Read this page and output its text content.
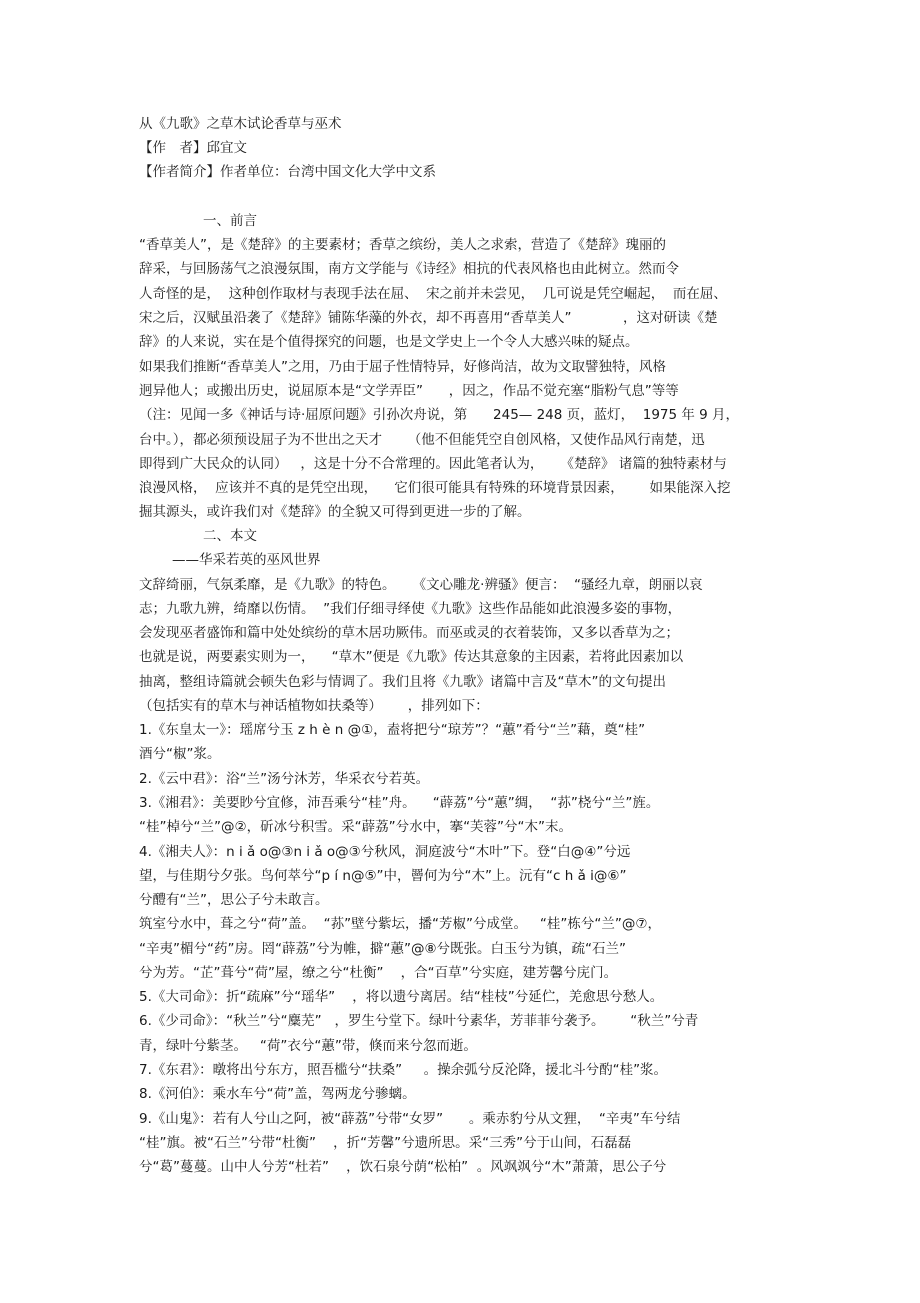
从《九歌》之草木试论香草与巫术
【作　者】邱宜文
【作者简介】作者单位：台湾中国文化大学中文系
一、前言
“香草美人”，是《楚辞》的主要素材；香草之缤纷，美人之求索，营造了《楚辞》瑰丽的
辞采，与回肠荡气之浪漫氛围，南方文学能与《诗经》相抗的代表风格也由此树立。然而令
人奇怪的是，  这种创作取材与表现手法在屈、  宋之前并未尝见，  几可说是凭空崛起，  而在屈、
宋之后，汉赋虽沿袭了《楚辞》铺陈华藻的外衣，却不再喜用“香草美人”            ，这对研读《楚
辞》的人来说，实在是个值得探究的问题，也是文学史上一个令人大感兴味的疑点。
如果我们推断“香草美人”之用，乃由于屈子性情特异，好修尚洁，故为文取譬独特，风格
迥异他人；或搬出历史，说屈原本是“文学弄臣”      ，因之，作品不觉充塞“脂粉气息”等等
（注：见闻一多《神话与诗·屈原问题》引孙次舟说，第      245— 248 页，蓝灯，  1975 年 9 月，
台中。），都必须预设屈子为不世出之天才      （他不但能凭空自创风格，又使作品风行南楚，迅
即得到广大民众的认同）   ，这是十分不合常理的。因此笔者认为，    《楚辞》 诸篇的独特素材与
浪漫风格，  应该并不真的是凭空出现，    它们很可能具有特殊的环境背景因素，      如果能深入挖
掘其源头，或许我们对《楚辞》的全貌又可得到更进一步的了解。
二、本文
——华采若英的巫风世界
文辞绮丽，气氛柔靡，是《九歌》的特色。    《文心雕龙·辨骚》便言：  “骚经九章，朗丽以哀
志；九歌九辨，绮靡以伤情。  ”我们仔细寻绎使《九歌》这些作品能如此浪漫多姿的事物，
会发现巫者盛饰和篇中处处缤纷的草木居功厥伟。而巫或灵的衣着装饰，又多以香草为之；
也就是说，两要素实则为一，    “草木”便是《九歌》传达其意象的主因素，若将此因素加以
抽离，整组诗篇就会顿失色彩与情调了。我们且将《九歌》诸篇中言及“草木”的文句提出
（包括实有的草木与神话植物如扶桑等）      ，排列如下：
1.《东皇太一》：瑶席兮玉 z h è n @①，盍将把兮“琼芳”？“蕙”肴兮“兰”藉，奠“桂”
酒兮“椒”浆。
2.《云中君》：浴“兰”汤兮沐芳，华采衣兮若英。
3.《湘君》：美要眇兮宜修，沛吾乘兮“桂”舟。    “薜荔”兮“蕙”绸，  “荪”桡兮“兰”旌。
“桂”棹兮“兰”@②，斫冰兮积雪。采“薜荔”兮水中，搴“芙蓉”兮“木”末。
4.《湘夫人》：n i ǎ o@③n i ǎ o@③兮秋风，洞庭波兮“木叶”下。登“白@④”兮远
望，与佳期兮夕张。鸟何萃兮“p í n@⑤”中，罾何为兮“木”上。沅有“c h ǎ i@⑥”
兮醴有“兰”，思公子兮未敢言。
筑室兮水中，葺之兮“荷”盖。  “荪”壁兮紫坛，播“芳椒”兮成堂。   “桂”栋兮“兰”@⑦，
“辛夷”楣兮“药”房。罔“薜荔”兮为帷，擗“蕙”@⑧兮既张。白玉兮为镇，疏“石兰”
兮为芳。“芷”葺兮“荷”屋，缭之兮“杜衡”    ，合“百草”兮实庭，建芳馨兮庑门。
5.《大司命》：折“疏麻”兮“瑶华”    ，将以遗兮离居。结“桂枝”兮延伫，羌愈思兮愁人。
6.《少司命》：“秋兰”兮“麋芜”   ，罗生兮堂下。绿叶兮素华，芳菲菲兮袭予。      “秋兰”兮青
青，绿叶兮紫茎。   “荷”衣兮“蕙”带，倏而来兮忽而逝。
7.《东君》：暾将出兮东方，照吾槛兮“扶桑”     。操余弧兮反沦降，援北斗兮酌“桂”浆。
8.《河伯》：乘水车兮“荷”盖，驾两龙兮骖螭。
9.《山鬼》：若有人兮山之阿，被“薜荔”兮带“女罗”      。乘赤豹兮从文狸，  “辛夷”车兮结
“桂”旗。被“石兰”兮带“杜衡”    ，折“芳馨”兮遗所思。采“三秀”兮于山间，石磊磊
兮“葛”蔓蔓。山中人兮芳“杜若”    ，饮石泉兮荫“松柏”  。风飒飒兮“木”萧萧，思公子兮
